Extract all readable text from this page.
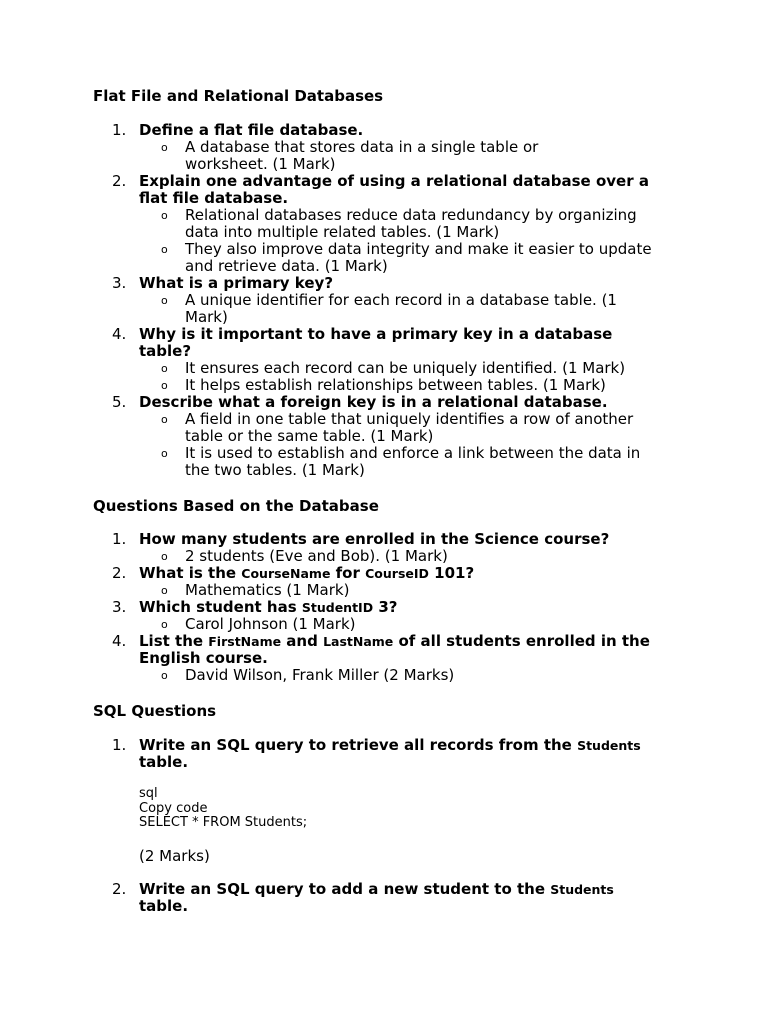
Flat File and Relational Databases

1. Define a flat file database.
o A database that stores data in a single table or worksheet. (1 Mark)
2. Explain one advantage of using a relational database over a flat file database.
o Relational databases reduce data redundancy by organizing data into multiple related tables. (1 Mark)
o They also improve data integrity and make it easier to update and retrieve data. (1 Mark)
3. What is a primary key?
o A unique identifier for each record in a database table. (1 Mark)
4. Why is it important to have a primary key in a database table?
o It ensures each record can be uniquely identified. (1 Mark)
o It helps establish relationships between tables. (1 Mark)
5. Describe what a foreign key is in a relational database.
o A field in one table that uniquely identifies a row of another table or the same table. (1 Mark)
o It is used to establish and enforce a link between the data in the two tables. (1 Mark)

Questions Based on the Database

1. How many students are enrolled in the Science course?
o 2 students (Eve and Bob). (1 Mark)
2. What is the CourseName for CourseID 101?
o Mathematics (1 Mark)
3. Which student has StudentID 3?
o Carol Johnson (1 Mark)
4. List the FirstName and LastName of all students enrolled in the English course.
o David Wilson, Frank Miller (2 Marks)

SQL Questions

1. Write an SQL query to retrieve all records from the Students table.
sql
Copy code
SELECT * FROM Students;

(2 Marks)

2. Write an SQL query to add a new student to the Students table.
